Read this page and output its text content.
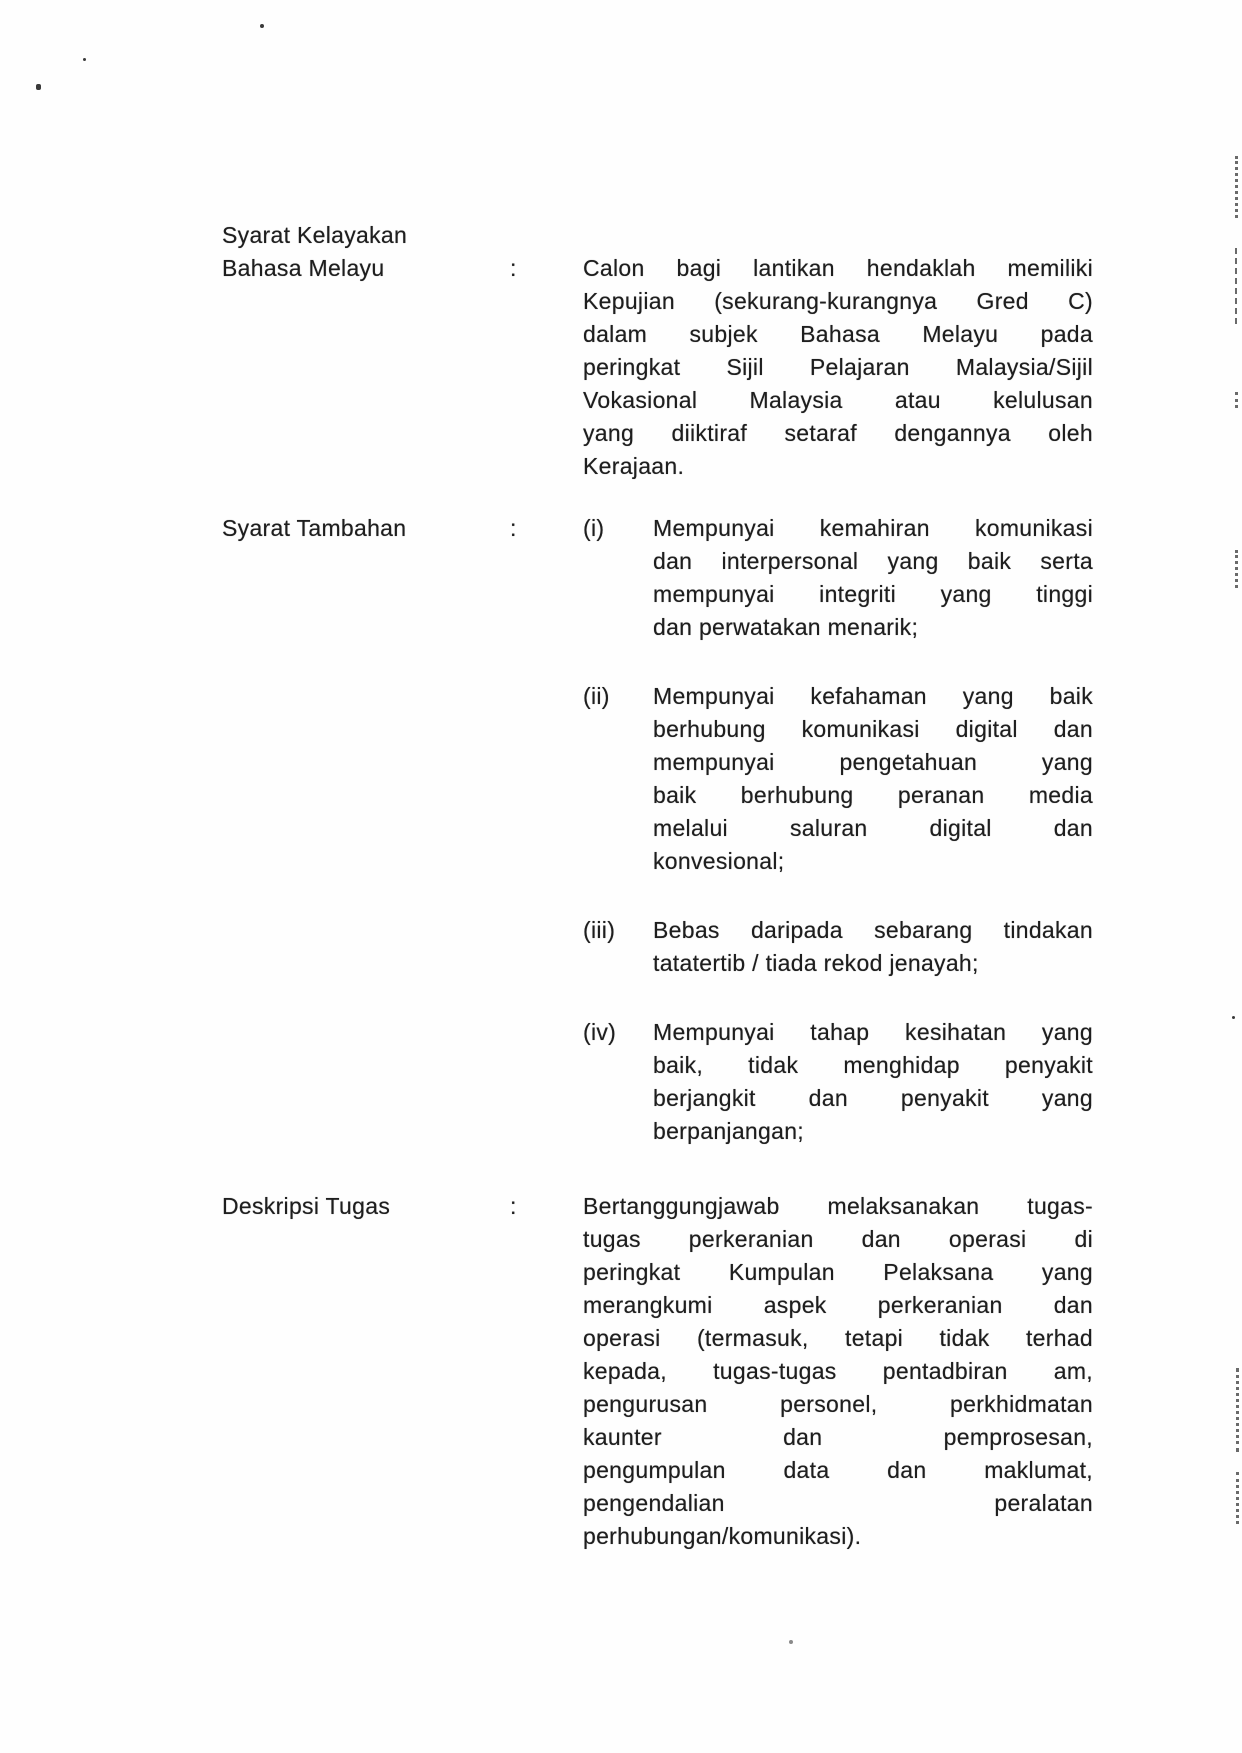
Syarat Kelayakan
Bahasa Melayu	:	Calon bagi lantikan hendaklah memiliki
Kepujian (sekurang-kurangnya Gred C)
dalam subjek Bahasa Melayu pada
peringkat Sijil Pelajaran Malaysia/Sijil
Vokasional Malaysia atau kelulusan
yang diiktiraf setaraf dengannya oleh
Kerajaan.
Syarat Tambahan	:	(i)	Mempunyai kemahiran komunikasi
dan interpersonal yang baik serta
mempunyai integriti yang tinggi
dan perwatakan menarik;
(ii)	Mempunyai kefahaman yang baik
berhubung komunikasi digital dan
mempunyai pengetahuan yang
baik berhubung peranan media
melalui saluran digital dan
konvesional;
(iii)	Bebas daripada sebarang tindakan
tatatertib / tiada rekod jenayah;
(iv)	Mempunyai tahap kesihatan yang
baik, tidak menghidap penyakit
berjangkit dan penyakit yang
berpanjangan;
Deskripsi Tugas	:	Bertanggungjawab melaksanakan tugas-
tugas perkeranian dan operasi di
peringkat Kumpulan Pelaksana yang
merangkumi aspek perkeranian dan
operasi (termasuk, tetapi tidak terhad
kepada, tugas-tugas pentadbiran am,
pengurusan personel, perkhidmatan
kaunter dan pemprosesan,
pengumpulan data dan maklumat,
pengendalian peralatan
perhubungan/komunikasi).
